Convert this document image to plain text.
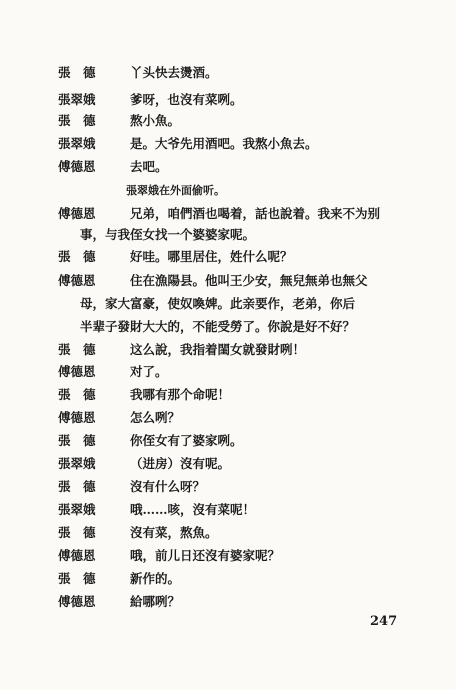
張　德	丫头快去燙酒。
張翠娥	爹呀，也沒有菜咧。
張　德	熬小魚。
張翠娥	是。大爷先用酒吧。我熬小魚去。
傅德恩	去吧。
張翠娥在外面偷听。
傅德恩	兄弟，咱們酒也喝着，話也說着。我来不为别
事，与我侄女找一个婆婆家呢。
張　德	好哇。哪里居住，姓什么呢？
傅德恩	住在漁陽县。他叫王少安，無兒無弟也無父
母，家大富豪，使奴喚婢。此亲要作，老弟，你后
半辈子發財大大的，不能受勞了。你說是好不好？
張　德	这么說，我指着閨女就發財咧！
傅德恩	对了。
張　德	我哪有那个命呢！
傅德恩	怎么咧？
張　德	你侄女有了婆家咧。
張翠娥	（进房）沒有呢。
張　德	沒有什么呀？
張翠娥	哦……咳，沒有菜呢！
張　德	沒有菜，熬魚。
傅德恩	哦，前儿日还沒有婆家呢？
張　德	新作的。
傅德恩	給哪咧？
247
